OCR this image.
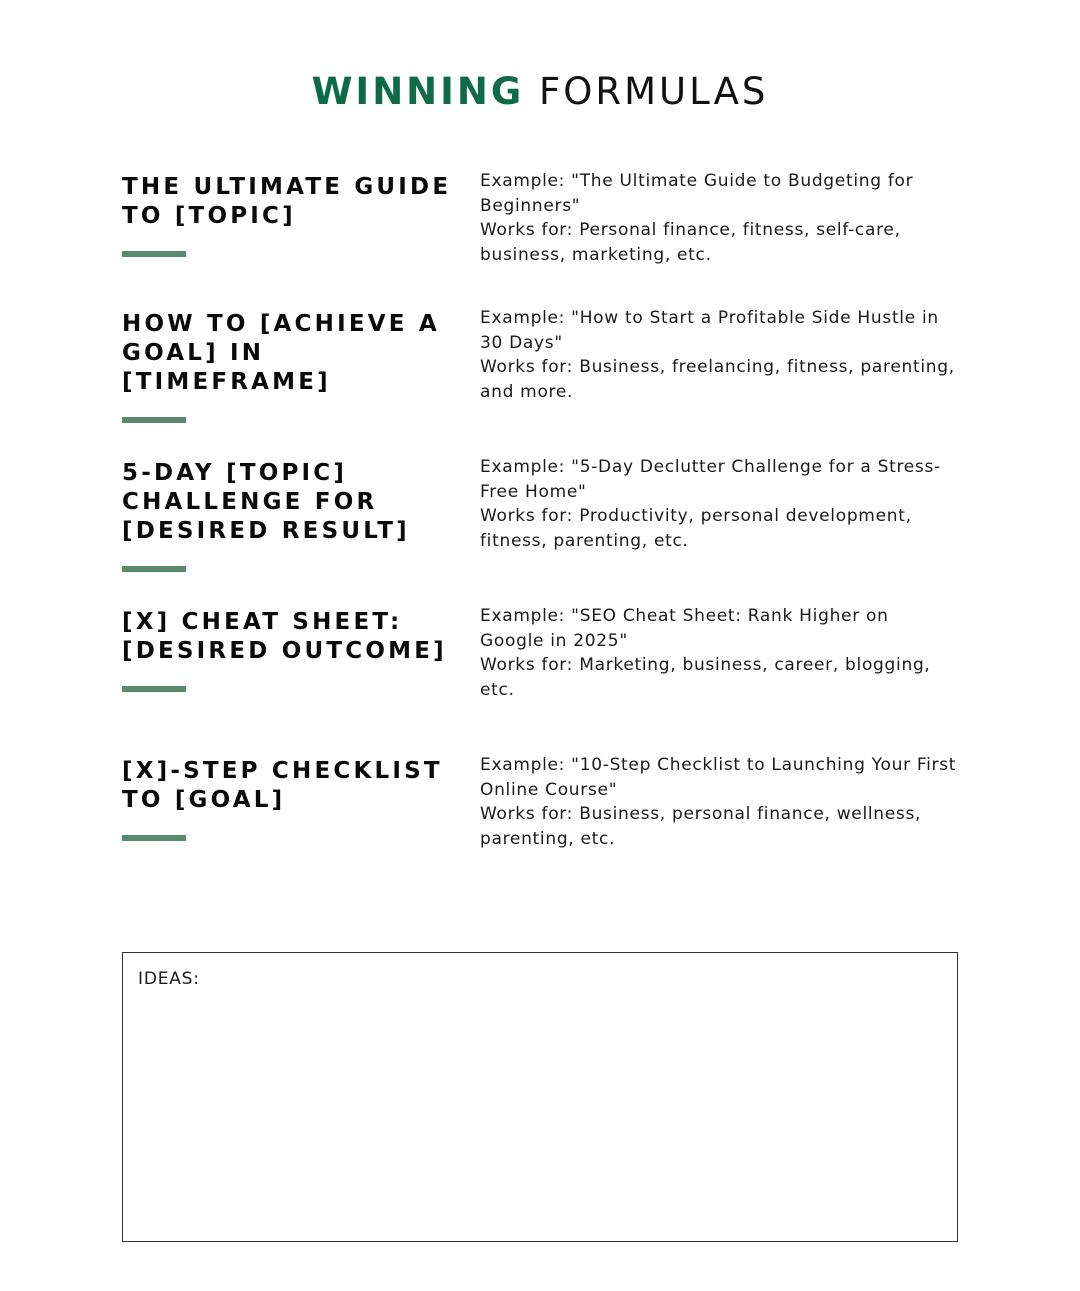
WINNING FORMULAS
THE ULTIMATE GUIDE TO [TOPIC]
Example: "The Ultimate Guide to Budgeting for Beginners"
Works for: Personal finance, fitness, self-care, business, marketing, etc.
HOW TO [ACHIEVE A GOAL] IN [TIMEFRAME]
Example: "How to Start a Profitable Side Hustle in 30 Days"
Works for: Business, freelancing, fitness, parenting, and more.
5-DAY [TOPIC] CHALLENGE FOR [DESIRED RESULT]
Example: "5-Day Declutter Challenge for a Stress-Free Home"
Works for: Productivity, personal development, fitness, parenting, etc.
[X] CHEAT SHEET: [DESIRED OUTCOME]
Example: "SEO Cheat Sheet: Rank Higher on Google in 2025"
Works for: Marketing, business, career, blogging, etc.
[X]-STEP CHECKLIST TO [GOAL]
Example: "10-Step Checklist to Launching Your First Online Course"
Works for: Business, personal finance, wellness, parenting, etc.
IDEAS:
